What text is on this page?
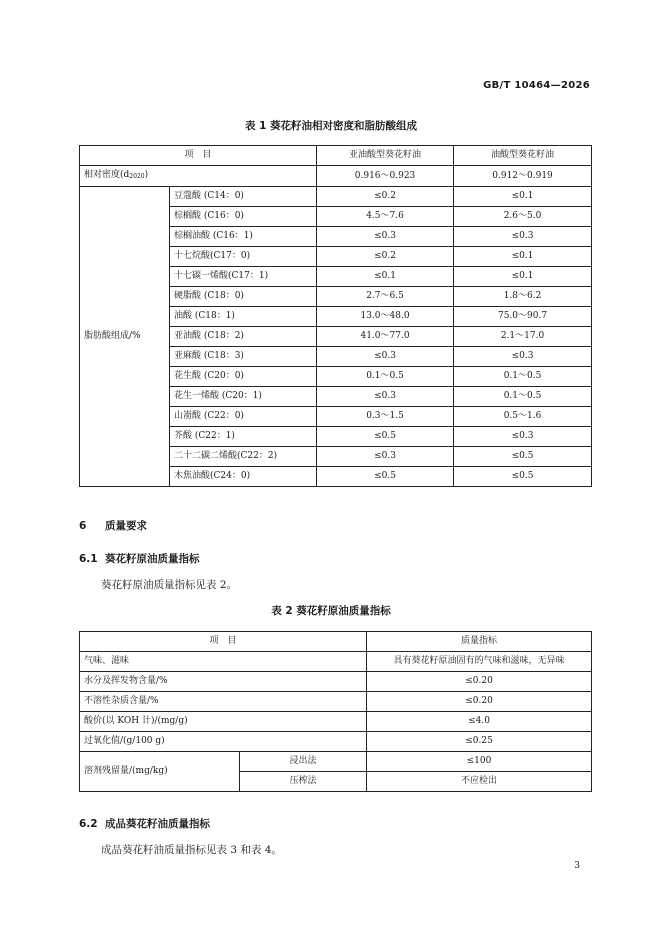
GB/T 10464—2026
表 1 葵花籽油相对密度和脂肪酸组成
项　目		亚油酸型葵花籽油	油酸型葵花籽油
相对密度$(d^{20}_{20})$		0.916～0.923	0.912～0.919
脂肪酸组成/%	豆蔻酸 (C14：0)	≤0.2	≤0.1
	棕榈酸 (C16：0)	4.5～7.6	2.6～5.0
	棕榈油酸 (C16：1)	≤0.3	≤0.3
	十七烷酸(C17：0)	≤0.2	≤0.1
	十七碳一烯酸(C17：1)	≤0.1	≤0.1
	硬脂酸 (C18：0)	2.7～6.5	1.8～6.2
	油酸 (C18：1)	13.0～48.0	75.0～90.7
	亚油酸 (C18：2)	41.0～77.0	2.1～17.0
	亚麻酸 (C18：3)	≤0.3	≤0.3
	花生酸 (C20：0)	0.1～0.5	0.1～0.5
	花生一烯酸 (C20：1)	≤0.3	0.1～0.5
	山嵛酸 (C22：0)	0.3～1.5	0.5～1.6
	芥酸 (C22：1)	≤0.5	≤0.3
	二十二碳二烯酸(C22：2)	≤0.3	≤0.5
	木焦油酸(C24：0)	≤0.5	≤0.5
6 质量要求
6.1 葵花籽原油质量指标
葵花籽原油质量指标见表 2。
表 2 葵花籽原油质量指标
项　目		质量指标
气味、滋味		具有葵花籽原油固有的气味和滋味，无异味
水分及挥发物含量/%		≤0.20
不溶性杂质含量/%		≤0.20
酸价(以 KOH 计)/(mg/g)		≤4.0
过氧化值/(g/100 g)		≤0.25
溶剂残留量/(mg/kg)	浸出法	≤100
	压榨法	不应检出
6.2 成品葵花籽油质量指标
成品葵花籽油质量指标见表 3 和表 4。
3
